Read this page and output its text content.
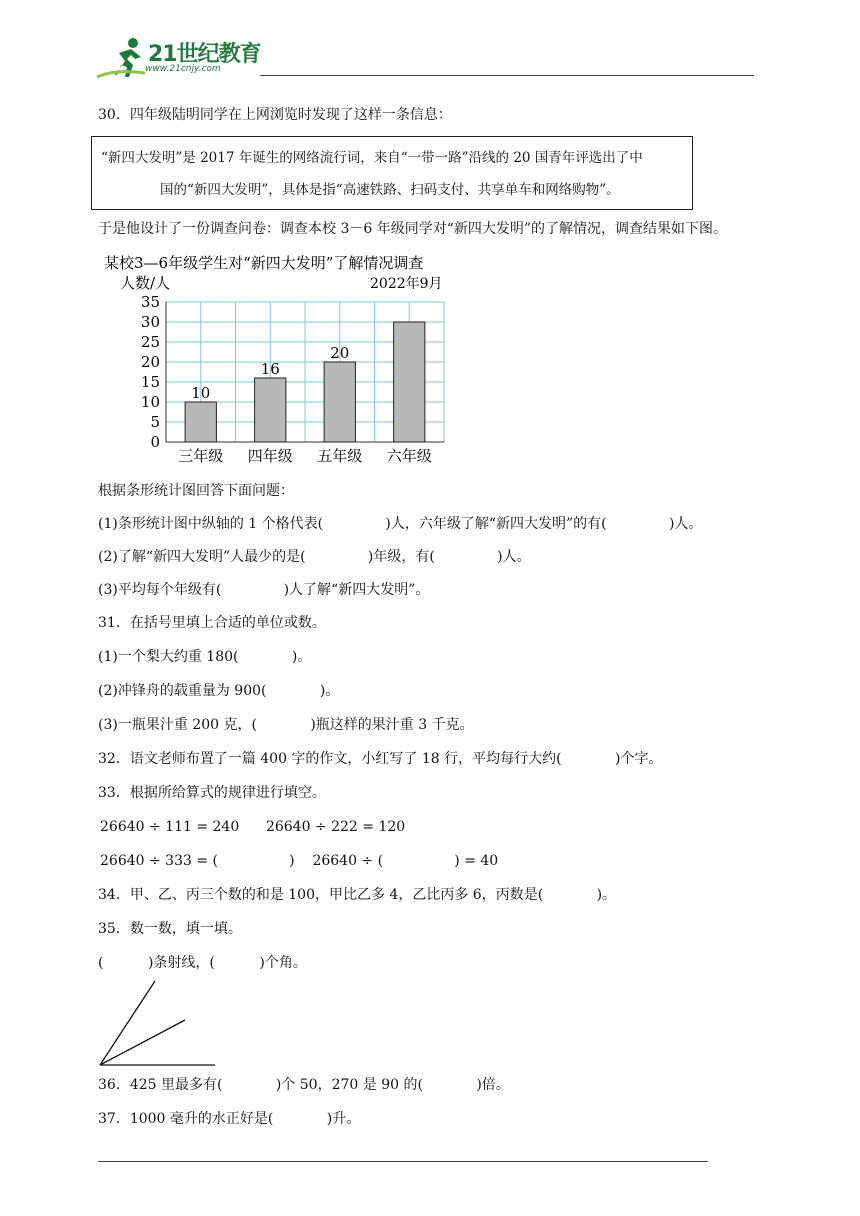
21世纪教育
www.21cnjy.com
30．四年级陆明同学在上网浏览时发现了这样一条信息：
“新四大发明”是 2017 年诞生的网络流行词，来自“一带一路”沿线的 20 国青年评选出了中
国的“新四大发明”，具体是指“高速铁路、扫码支付、共享单车和网络购物”。
于是他设计了一份调查问卷：调查本校 3－6 年级同学对“新四大发明”的了解情况，调查结果如下图。
某校3—6年级学生对“新四大发明”了解情况调查
人数/人	2022年9月
0
5
10
15
20
25
30
35
10
16
20
三年级 四年级 五年级 六年级
根据条形统计图回答下面问题：
(1)条形统计图中纵轴的 1 个格代表(              )人，六年级了解“新四大发明”的有(              )人。
(2)了解“新四大发明”人最少的是(              )年级，有(              )人。
(3)平均每个年级有(              )人了解“新四大发明”。
31．在括号里填上合适的单位或数。
(1)一个梨大约重 180(            )。
(2)冲锋舟的载重量为 900(            )。
(3)一瓶果汁重 200 克，(            )瓶这样的果汁重 3 千克。
32．语文老师布置了一篇 400 字的作文，小红写了 18 行，平均每行大约(            )个字。
33．根据所给算式的规律进行填空。
26640 ÷ 111 = 240      26640 ÷ 222 = 120
26640 ÷ 333 = (                )    26640 ÷ (                ) = 40
34．甲、乙、丙三个数的和是 100，甲比乙多 4，乙比丙多 6，丙数是(            )。
35．数一数，填一填。
(          )条射线，(          )个角。
36．425 里最多有(            )个 50，270 是 90 的(            )倍。
37．1000 毫升的水正好是(            )升。
